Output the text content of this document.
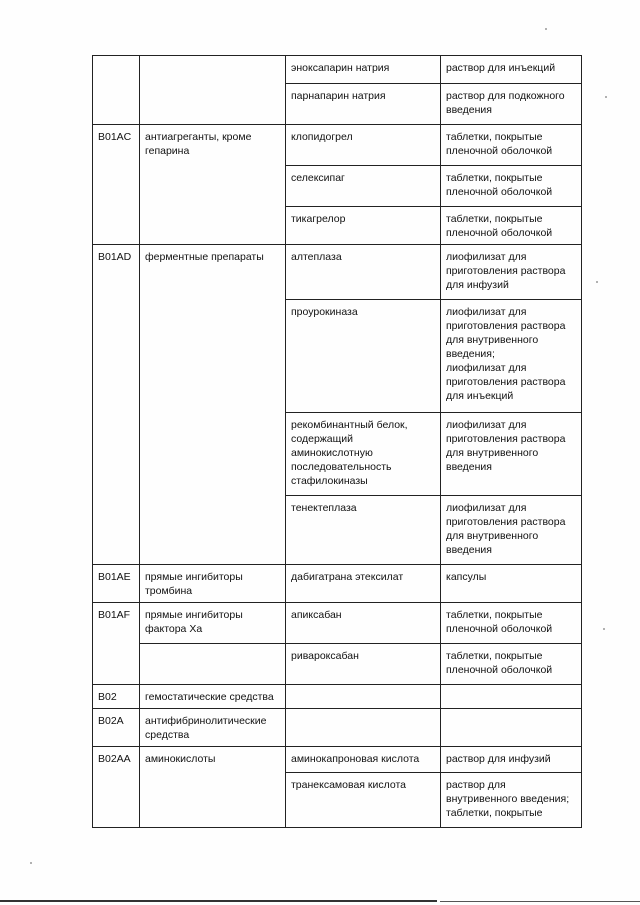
		эноксапарин натрия	раствор для инъекций
		парнапарин натрия	раствор для подкожного введения
B01AC	антиагреганты, кроме гепарина	клопидогрел	таблетки, покрытые пленочной оболочкой
		селексипаг	таблетки, покрытые пленочной оболочкой
		тикагрелор	таблетки, покрытые пленочной оболочкой
B01AD	ферментные препараты	алтеплаза	лиофилизат для приготовления раствора для инфузий
		проурокиназа	лиофилизат для приготовления раствора для внутривенного введения;
лиофилизат для приготовления раствора для инъекций
		рекомбинантный белок, содержащий аминокислотную последовательность стафилокиназы	лиофилизат для приготовления раствора для внутривенного введения
		тенектеплаза	лиофилизат для приготовления раствора для внутривенного введения
B01AE	прямые ингибиторы тромбина	дабигатрана этексилат	капсулы
B01AF	прямые ингибиторы фактора Ха	апиксабан	таблетки, покрытые пленочной оболочкой
		ривароксабан	таблетки, покрытые пленочной оболочкой
B02	гемостатические средства		
B02A	антифибринолитические средства		
B02AA	аминокислоты	аминокапроновая кислота	раствор для инфузий
		транексамовая кислота	раствор для внутривенного введения;
таблетки, покрытые
